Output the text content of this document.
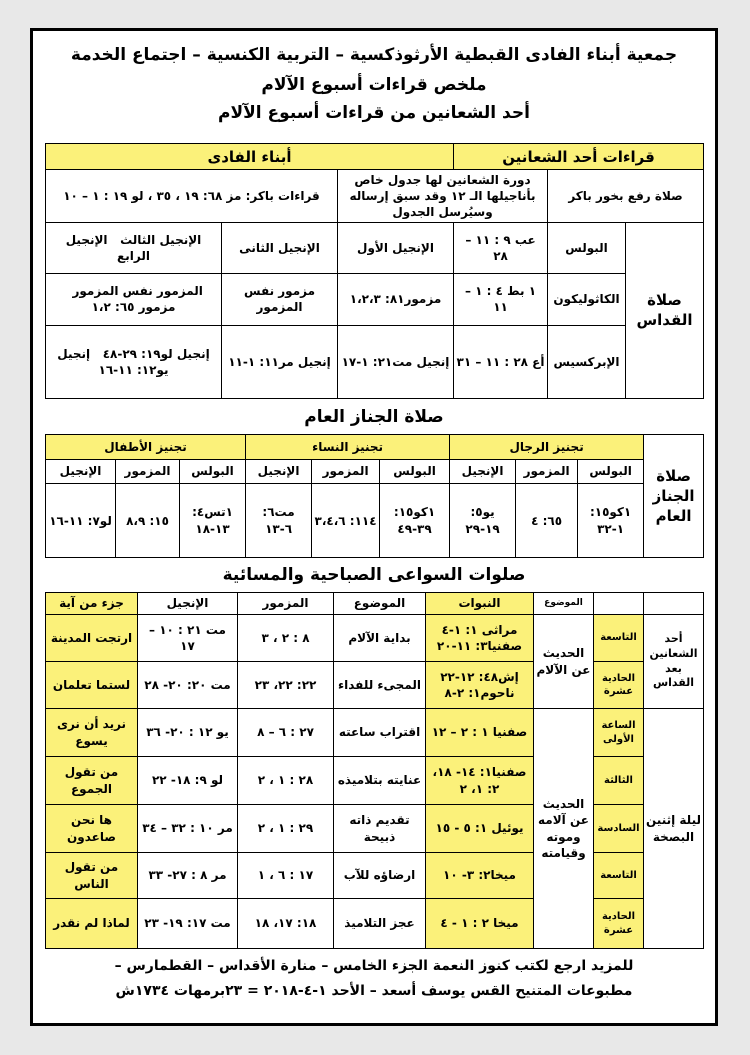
جمعية أبناء الفادى القبطية الأرثوذكسية – التربية الكنسية – اجتماع الخدمة
ملخص قراءات أسبوع الآلام
أحد الشعانين من قراءات أسبوع الآلام
قراءات أحد الشعانين			أبناء الفادى		
صلاة رفع بخور باكر		دورة الشعانين لها جدول خاص بأناجيلها الـ ١٢ وقد سبق إرساله وسيُرسل الجدول		قراءات باكر: مز ٦٨: ١٩ ، ٣٥ ، لو ١٩ : ١ – ١٠	
صلاة القداس	البولس	عب ٩ : ١١ – ٢٨	الإنجيل الأول	الإنجيل الثانى	الإنجيل الثالث   الإنجيل الرابع
	الكاثوليكون	١ بط ٤ : ١ – ١١	مزمور٨١: ١،٢،٣	مزمور نفس المزمور	المزمور نفس المزمور   مزمور ٦٥: ١،٢
	الإبركسيس	أع ٢٨ : ١١ – ٣١	إنجيل مت٢١: ١-١٧	إنجيل مر١١: ١-١١	إنجيل لو١٩: ٢٩-٤٨   إنجيل يو١٢: ١١-١٦
صلاة الجناز العام
صلاة الجناز العام	تجنيز الرجال			تجنيز النساء			تجنيز الأطفال		
	البولس	المزمور	الإنجيل	البولس	المزمور	الإنجيل	البولس	المزمور	الإنجيل
	١كو١٥: ١-٣٢	٦٥: ٤	يو٥: ١٩-٢٩	١كو١٥: ٣٩-٤٩	١١٤: ٣،٤،٦	مت٦: ٦-١٣	١تس٤: ١٣-١٨	١٥: ٨،٩	لو٧: ١١-١٦
صلوات السواعى الصباحية والمسائية
		الموضوع	النبوات	الموضوع	المزمور	الإنجيل	جزء من آية
أحد الشعانين بعد القداس	التاسعة	الحديث عن الآلام	مراثى ١: ١-٤ صفنيا٣: ١١-٢٠	بداية الآلام	٨ : ٢ ، ٣	مت ٢١ : ١٠ – ١٧	ارتجت المدينة
	الحادية عشرة		إش٤٨: ١٢-٢٢ ناحوم١: ٢-٨	المجىء للفداء	٢٢: ٢٢، ٢٣	مت ٢٠: ٢٠- ٢٨	لستما تعلمان
ليلة إثنين البصخة	الساعة الأولى	الحديث عن آلامه وموته وقيامته	صفنيا ١ : ٢ – ١٢	اقتراب ساعته	٢٧ : ٦ – ٨	يو ١٢ : ٢٠- ٣٦	نريد أن نرى يسوع
	الثالثة		صفنيا١: ١٤- ١٨، ٢: ١، ٢	عنايته بتلاميذه	٢٨ : ١ ، ٢	لو ٩: ١٨- ٢٢	من تقول الجموع
	السادسة		يوئيل ١: ٥ - ١٥	تقديم ذاته ذبيحة	٢٩ : ١ ، ٢	مر ١٠ : ٣٢ – ٣٤	ها نحن صاعدون
	التاسعة		ميخا٢: ٣- ١٠	ارضاؤه للآب	١٧ : ٦ ، ١	مر ٨ : ٢٧- ٣٣	من تقول الناس
	الحادية عشرة		ميخا ٢ : ١ - ٤	عجز التلاميذ	١٨: ١٧، ١٨	مت ١٧: ١٩- ٢٣	لماذا لم نقدر
للمزيد ارجع لكتب كنوز النعمة الجزء الخامس – منارة الأقداس – القطمارس –
مطبوعات المتنيح القس يوسف أسعد – الأحد ١-٤-٢٠١٨ = ٢٣برمهات ١٧٣٤ش
